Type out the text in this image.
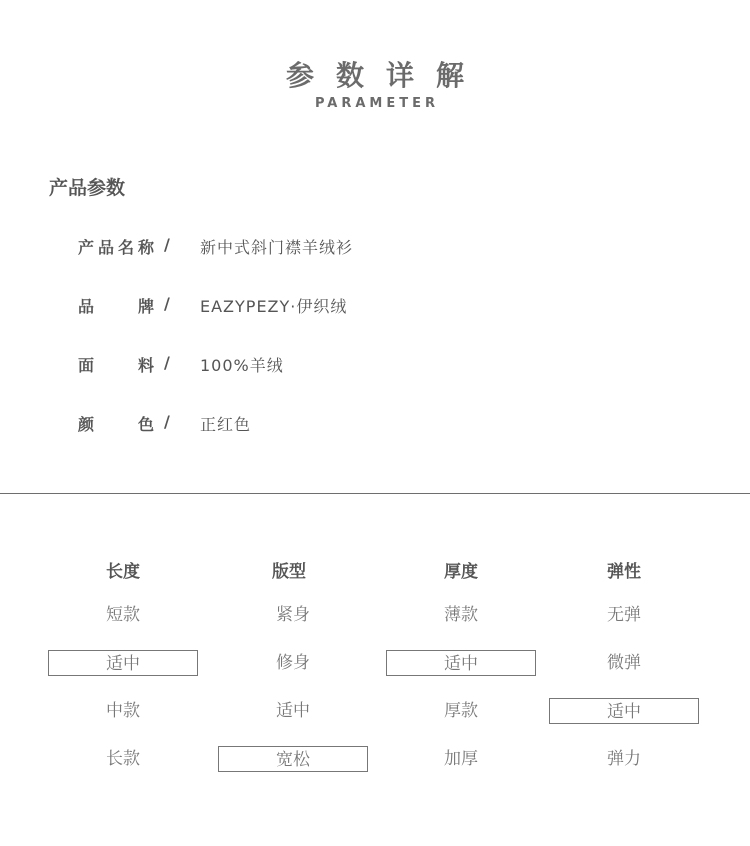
参数详解
PARAMETER
产品参数
产品名称 / 新中式斜门襟羊绒衫
品牌 / EAZYPEZY·伊织绒
面料 / 100%羊绒
颜色 / 正红色
长度
短款
适中
中款
长款
版型
紧身
修身
适中
宽松
厚度
薄款
适中
厚款
加厚
弹性
无弹
微弹
适中
弹力
